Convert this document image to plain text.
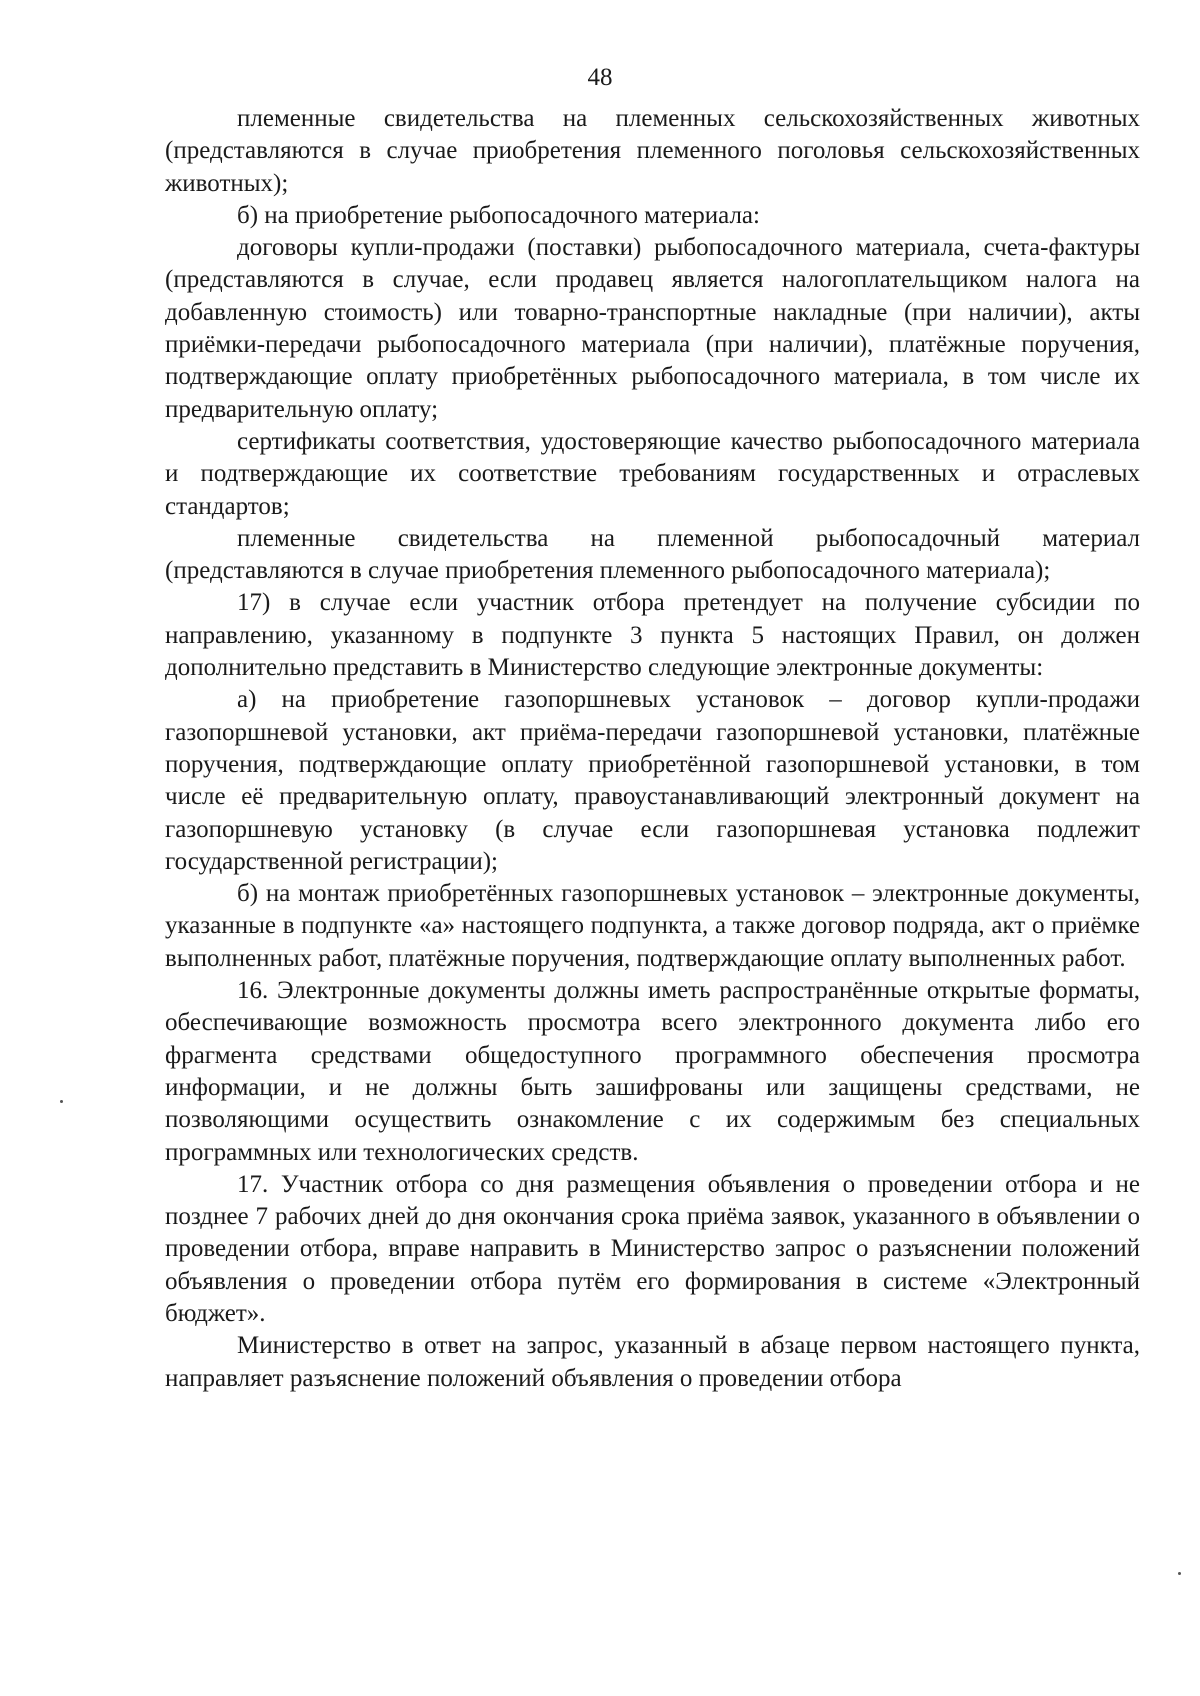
48

племенные свидетельства на племенных сельскохозяйственных животных (представляются в случае приобретения племенного поголовья сельскохозяйственных животных);

б) на приобретение рыбопосадочного материала:

договоры купли-продажи (поставки) рыбопосадочного материала, счета-фактуры (представляются в случае, если продавец является налогоплательщиком налога на добавленную стоимость) или товарно-транспортные накладные (при наличии), акты приёмки-передачи рыбопосадочного материала (при наличии), платёжные поручения, подтверждающие оплату приобретённых рыбопосадочного материала, в том числе их предварительную оплату;

сертификаты соответствия, удостоверяющие качество рыбопосадочного материала и подтверждающие их соответствие требованиям государственных и отраслевых стандартов;

племенные свидетельства на племенной рыбопосадочный материал (представляются в случае приобретения племенного рыбопосадочного материала);

17) в случае если участник отбора претендует на получение субсидии по направлению, указанному в подпункте 3 пункта 5 настоящих Правил, он должен дополнительно представить в Министерство следующие электронные документы:

а) на приобретение газопоршневых установок – договор купли-продажи газопоршневой установки, акт приёма-передачи газопоршневой установки, платёжные поручения, подтверждающие оплату приобретённой газопоршневой установки, в том числе её предварительную оплату, правоустанавливающий электронный документ на газопоршневую установку (в случае если газопоршневая установка подлежит государственной регистрации);

б) на монтаж приобретённых газопоршневых установок – электронные документы, указанные в подпункте «а» настоящего подпункта, а также договор подряда, акт о приёмке выполненных работ, платёжные поручения, подтверждающие оплату выполненных работ.

16. Электронные документы должны иметь распространённые открытые форматы, обеспечивающие возможность просмотра всего электронного документа либо его фрагмента средствами общедоступного программного обеспечения просмотра информации, и не должны быть зашифрованы или защищены средствами, не позволяющими осуществить ознакомление с их содержимым без специальных программных или технологических средств.

17. Участник отбора со дня размещения объявления о проведении отбора и не позднее 7 рабочих дней до дня окончания срока приёма заявок, указанного в объявлении о проведении отбора, вправе направить в Министерство запрос о разъяснении положений объявления о проведении отбора путём его формирования в системе «Электронный бюджет».

Министерство в ответ на запрос, указанный в абзаце первом настоящего пункта, направляет разъяснение положений объявления о проведении отбора
